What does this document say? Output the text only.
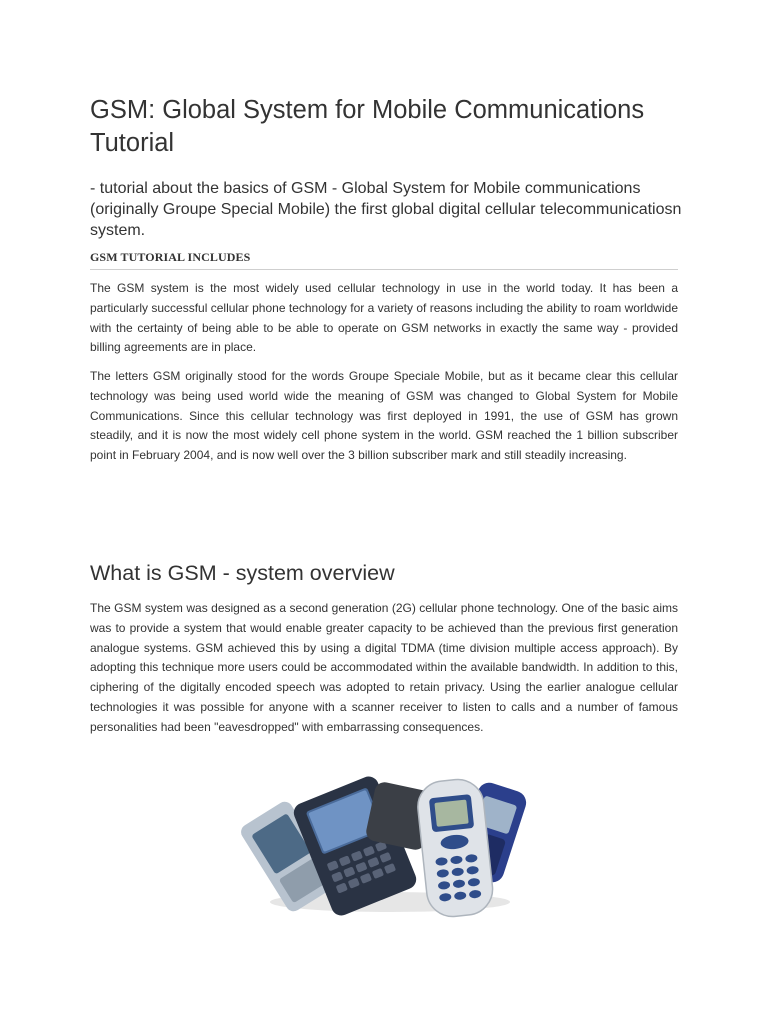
GSM: Global System for Mobile Communications Tutorial

- tutorial about the basics of GSM - Global System for Mobile communications (originally Groupe Special Mobile) the first global digital cellular telecommunicatiosn system.

GSM TUTORIAL INCLUDES

The GSM system is the most widely used cellular technology in use in the world today. It has been a particularly successful cellular phone technology for a variety of reasons including the ability to roam worldwide with the certainty of being able to be able to operate on GSM networks in exactly the same way - provided billing agreements are in place.

The letters GSM originally stood for the words Groupe Speciale Mobile, but as it became clear this cellular technology was being used world wide the meaning of GSM was changed to Global System for Mobile Communications. Since this cellular technology was first deployed in 1991, the use of GSM has grown steadily, and it is now the most widely cell phone system in the world. GSM reached the 1 billion subscriber point in February 2004, and is now well over the 3 billion subscriber mark and still steadily increasing.

What is GSM - system overview

The GSM system was designed as a second generation (2G) cellular phone technology. One of the basic aims was to provide a system that would enable greater capacity to be achieved than the previous first generation analogue systems. GSM achieved this by using a digital TDMA (time division multiple access approach). By adopting this technique more users could be accommodated within the available bandwidth. In addition to this, ciphering of the digitally encoded speech was adopted to retain privacy. Using the earlier analogue cellular technologies it was possible for anyone with a scanner receiver to listen to calls and a number of famous personalities had been "eavesdropped" with embarrassing consequences.
